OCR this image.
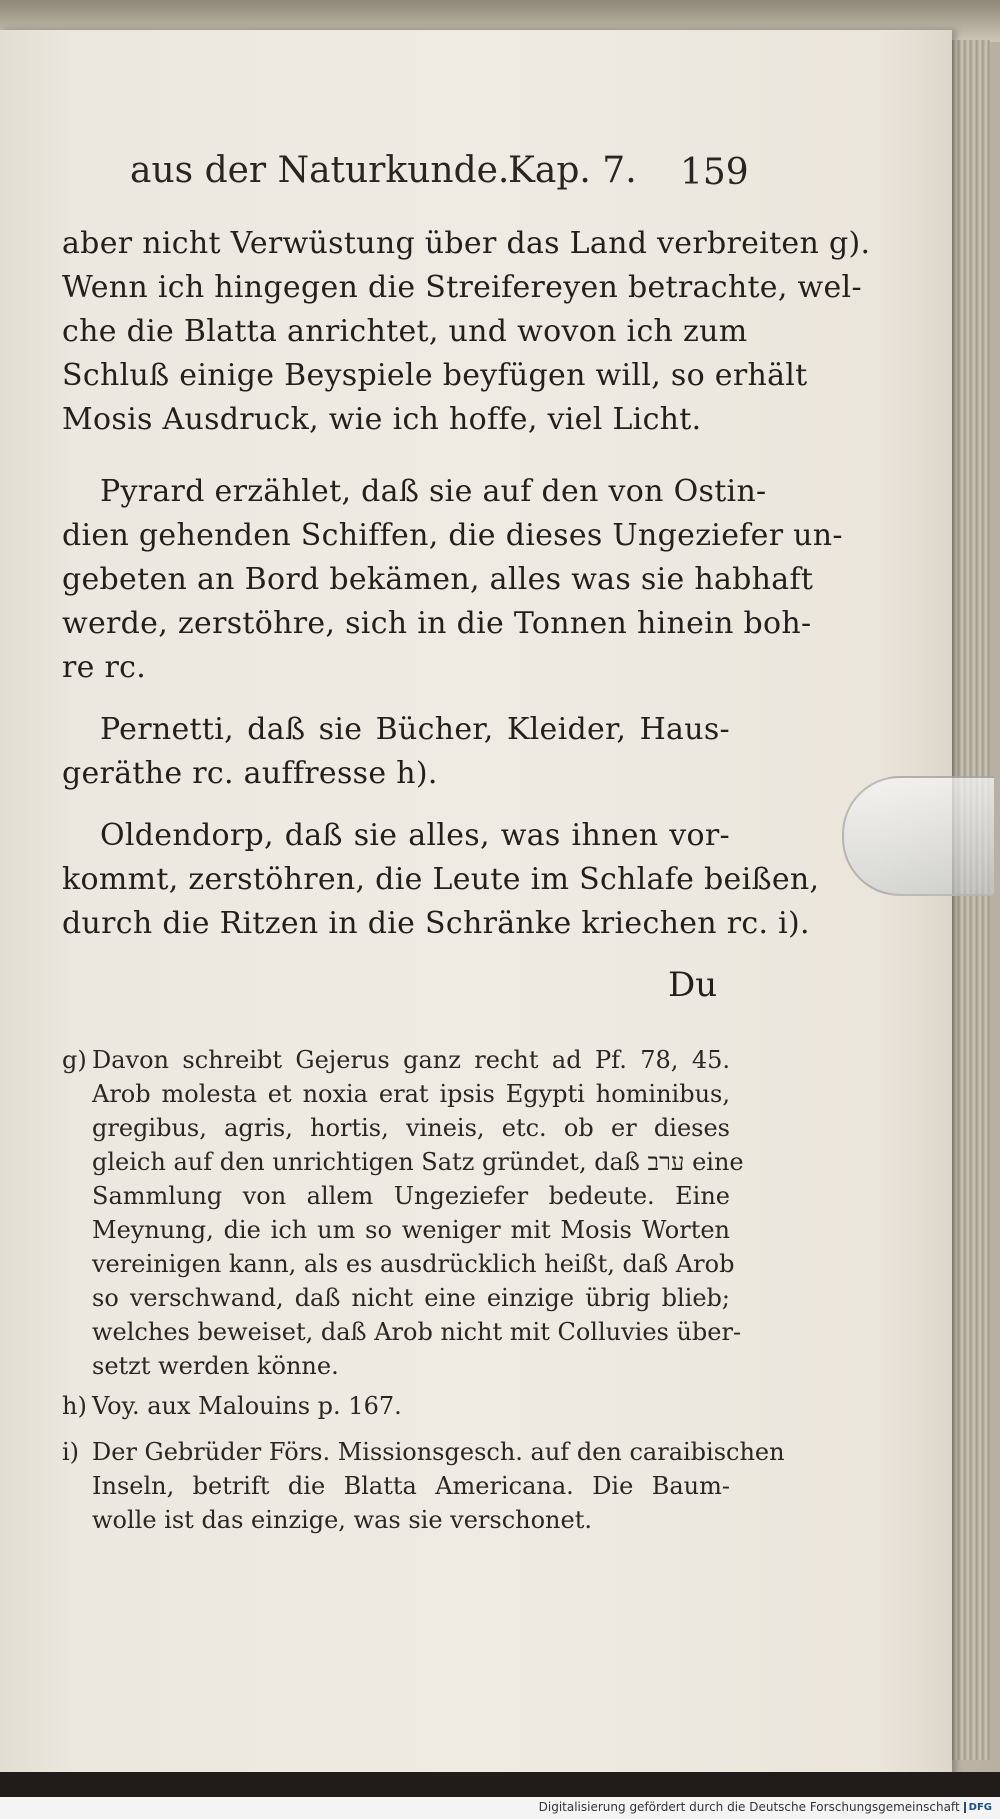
aus der Naturkunde.
Kap. 7. 159
aber nicht Verwüstung über das Land verbreiten g).
Wenn ich hingegen die Streifereyen betrachte, wel-
che die Blatta anrichtet, und wovon ich zum
Schluß einige Beyspiele beyfügen will, so erhält
Mosis Ausdruck, wie ich hoffe, viel Licht.
Pyrard erzählet, daß sie auf den von Ostin-
dien gehenden Schiffen, die dieses Ungeziefer un-
gebeten an Bord bekämen, alles was sie habhaft
werde, zerstöhre, sich in die Tonnen hinein boh-
re rc.
Pernetti, daß sie Bücher, Kleider, Haus-
geräthe rc. auffresse h).
Oldendorp, daß sie alles, was ihnen vor-
kommt, zerstöhren, die Leute im Schlafe beißen,
durch die Ritzen in die Schränke kriechen rc. i).
Du
g) Davon schreibt Gejerus ganz recht ad Pf. 78, 45.
Arob molesta et noxia erat ipsis Egypti hominibus,
gregibus, agris, hortis, vineis, etc. ob er dieses
gleich auf den unrichtigen Satz gründet, daß ערב eine
Sammlung von allem Ungeziefer bedeute. Eine
Meynung, die ich um so weniger mit Mosis Worten
vereinigen kann, als es ausdrücklich heißt, daß Arob
so verschwand, daß nicht eine einzige übrig blieb;
welches beweiset, daß Arob nicht mit Colluvies über-
setzt werden könne.
h) Voy. aux Malouins p. 167.
i) Der Gebrüder Förs. Missionsgesch. auf den caraibischen
Inseln, betrift die Blatta Americana. Die Baum-
wolle ist das einzige, was sie verschonet.
Digitalisierung gefördert durch die Deutsche Forschungsgemeinschaft DFG
